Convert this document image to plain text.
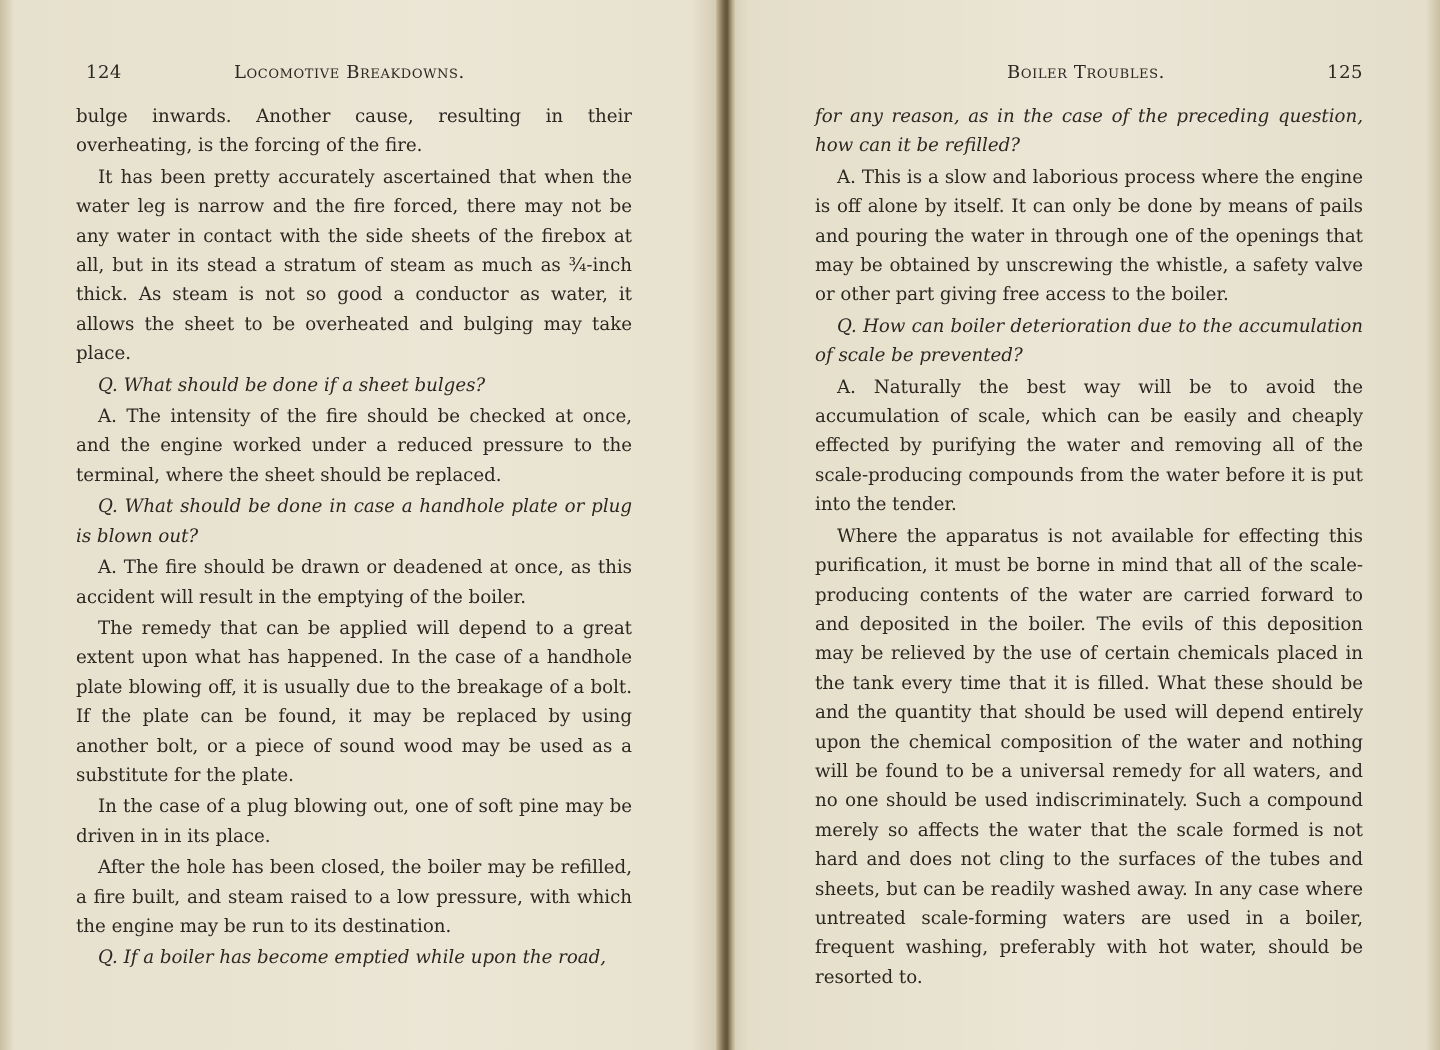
124	Locomotive Breakdowns.

bulge inwards. Another cause, resulting in their overheating, is the forcing of the fire.

It has been pretty accurately ascertained that when the water leg is narrow and the fire forced, there may not be any water in contact with the side sheets of the firebox at all, but in its stead a stratum of steam as much as ¾-inch thick. As steam is not so good a conductor as water, it allows the sheet to be overheated and bulging may take place.

Q. What should be done if a sheet bulges?

A. The intensity of the fire should be checked at once, and the engine worked under a reduced pressure to the terminal, where the sheet should be replaced.

Q. What should be done in case a handhole plate or plug is blown out?

A. The fire should be drawn or deadened at once, as this accident will result in the emptying of the boiler.

The remedy that can be applied will depend to a great extent upon what has happened. In the case of a handhole plate blowing off, it is usually due to the breakage of a bolt. If the plate can be found, it may be replaced by using another bolt, or a piece of sound wood may be used as a substitute for the plate.

In the case of a plug blowing out, one of soft pine may be driven in in its place.

After the hole has been closed, the boiler may be refilled, a fire built, and steam raised to a low pressure, with which the engine may be run to its destination.

Q. If a boiler has become emptied while upon the road,

Boiler Troubles.	125

for any reason, as in the case of the preceding question, how can it be refilled?

A. This is a slow and laborious process where the engine is off alone by itself. It can only be done by means of pails and pouring the water in through one of the openings that may be obtained by unscrewing the whistle, a safety valve or other part giving free access to the boiler.

Q. How can boiler deterioration due to the accumulation of scale be prevented?

A. Naturally the best way will be to avoid the accumulation of scale, which can be easily and cheaply effected by purifying the water and removing all of the scale-producing compounds from the water before it is put into the tender.

Where the apparatus is not available for effecting this purification, it must be borne in mind that all of the scale-producing contents of the water are carried forward to and deposited in the boiler. The evils of this deposition may be relieved by the use of certain chemicals placed in the tank every time that it is filled. What these should be and the quantity that should be used will depend entirely upon the chemical composition of the water and nothing will be found to be a universal remedy for all waters, and no one should be used indiscriminately. Such a compound merely so affects the water that the scale formed is not hard and does not cling to the surfaces of the tubes and sheets, but can be readily washed away. In any case where untreated scale-forming waters are used in a boiler, frequent washing, preferably with hot water, should be resorted to.
